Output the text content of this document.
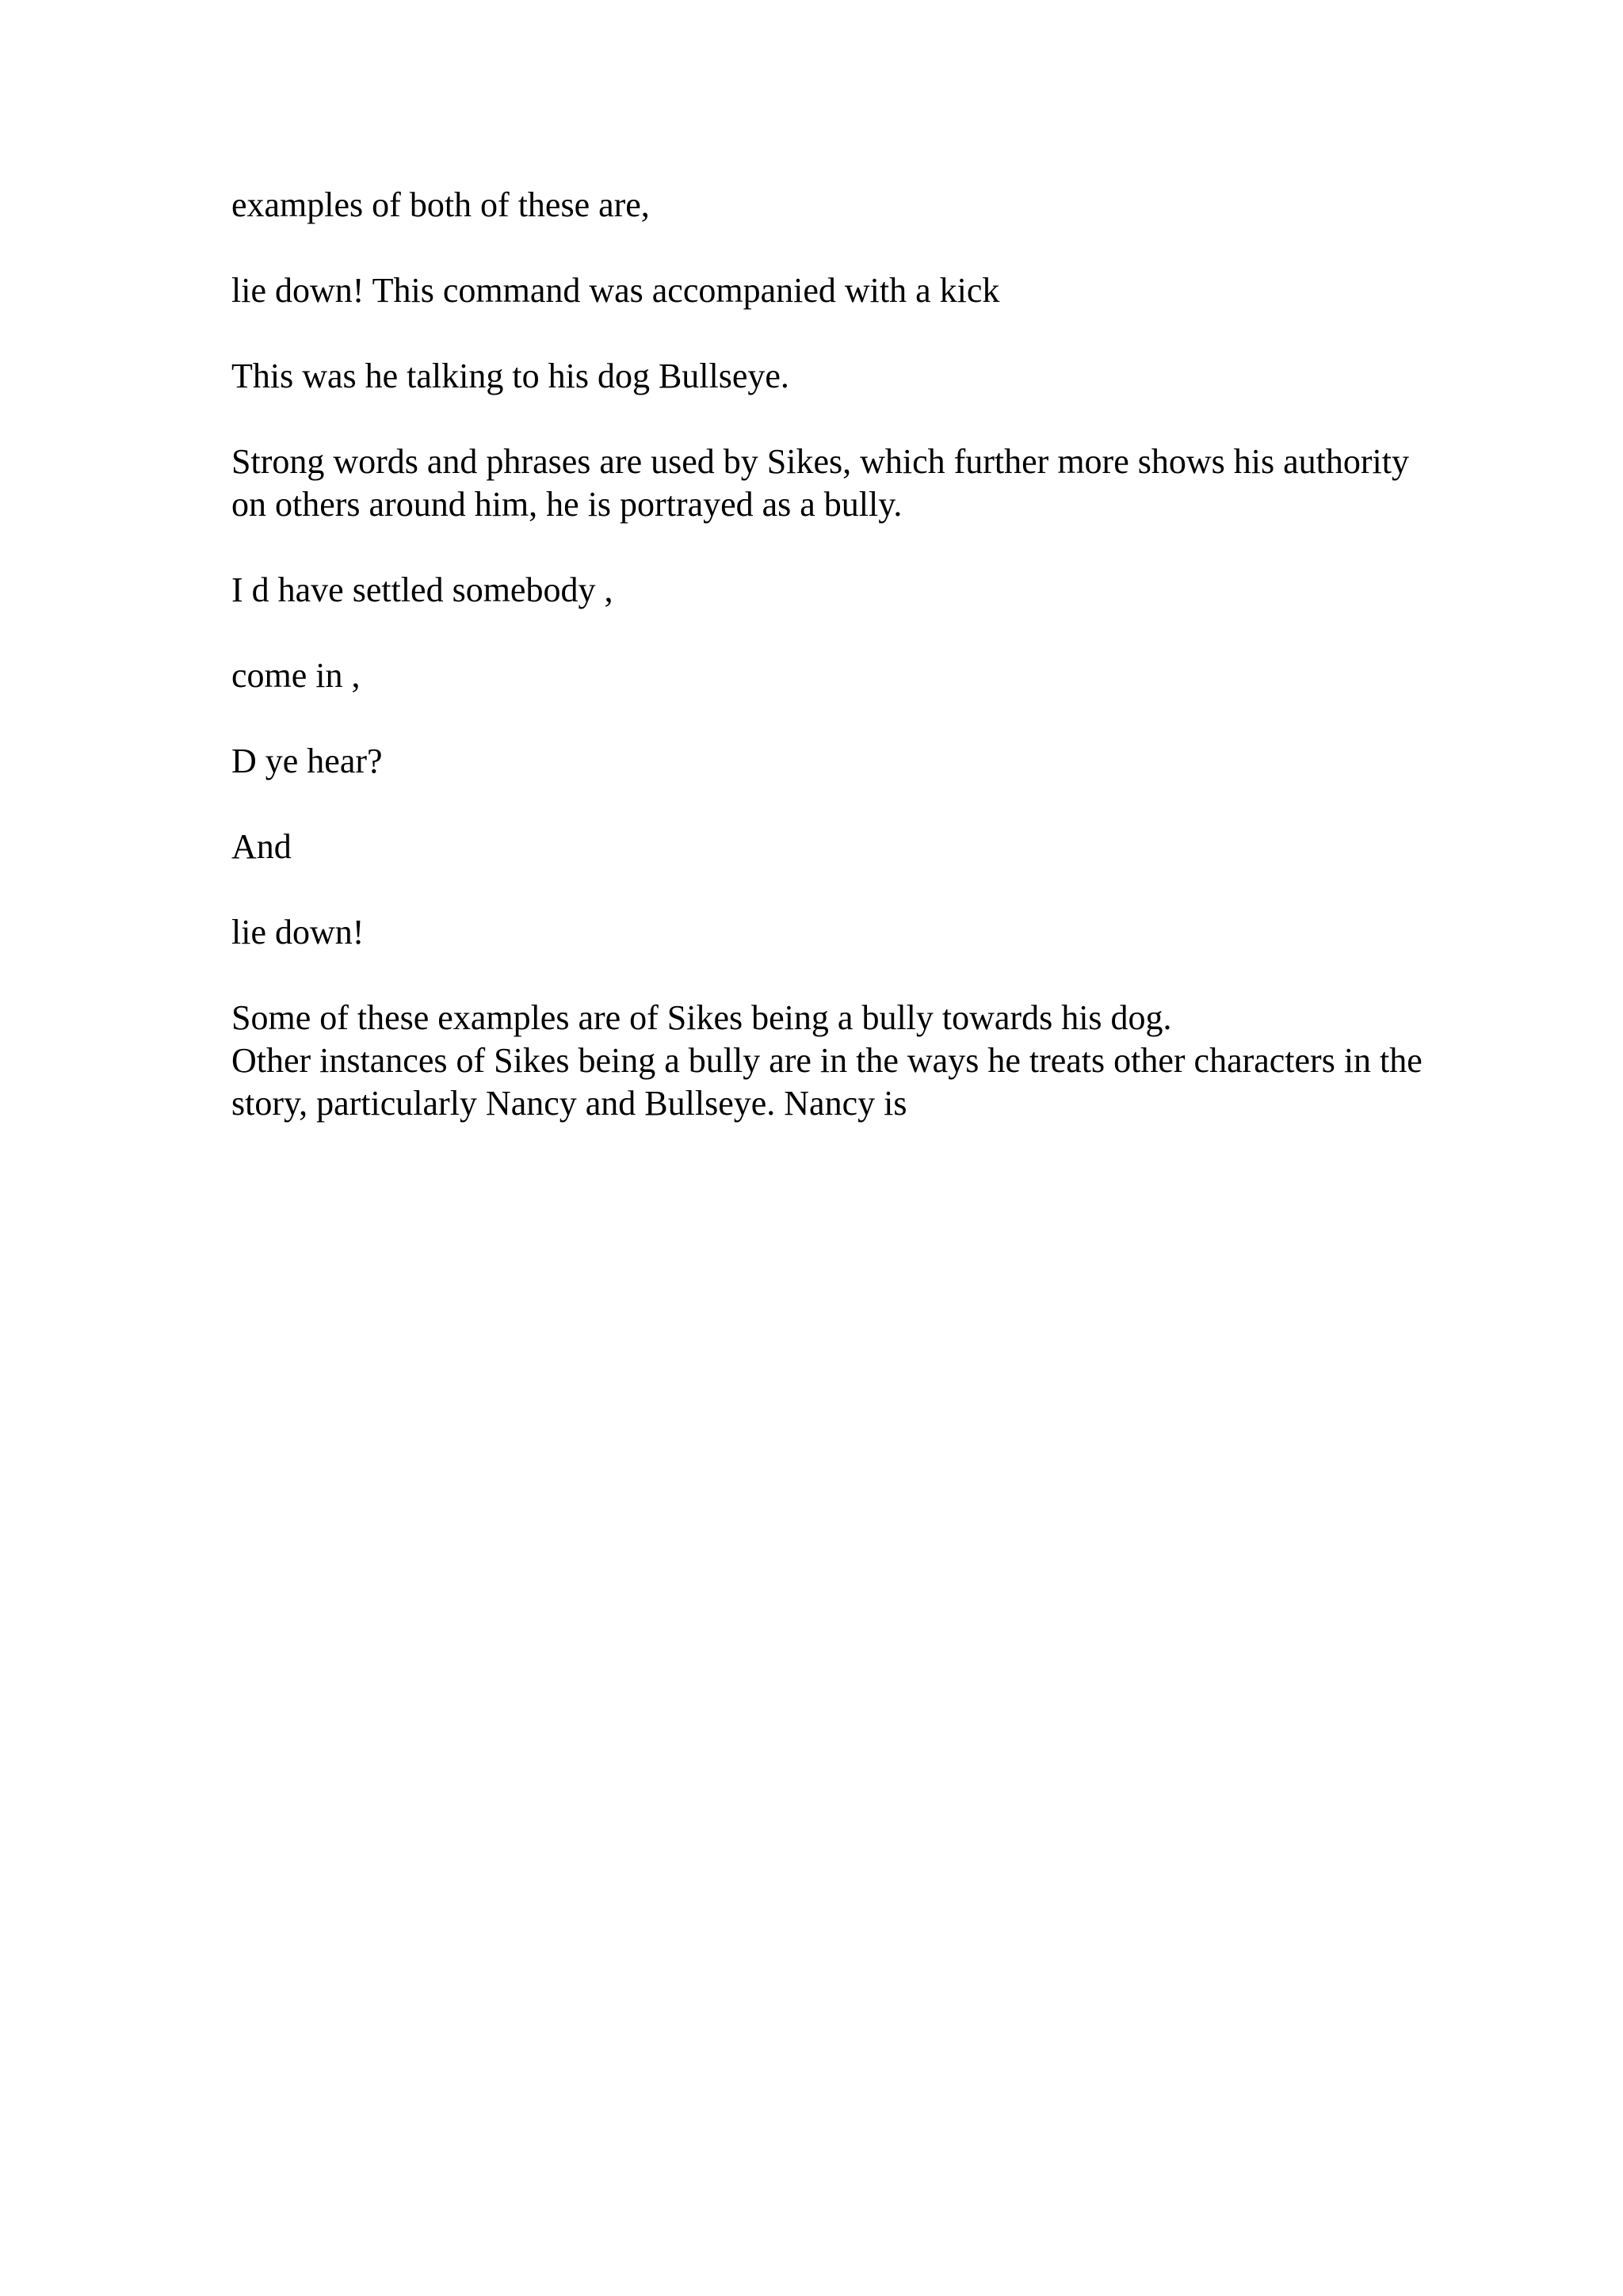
examples of both of these are,

lie down! This command was accompanied with a kick

This was he talking to his dog Bullseye.

Strong words and phrases are used by Sikes, which further more shows his authority
on others around him, he is portrayed as a bully.

I d have settled somebody ,

come in ,

D ye hear?

And

lie down!

Some of these examples are of Sikes being a bully towards his dog.
Other instances of Sikes being a bully are in the ways he treats other characters in the
story, particularly Nancy and Bullseye. Nancy is
